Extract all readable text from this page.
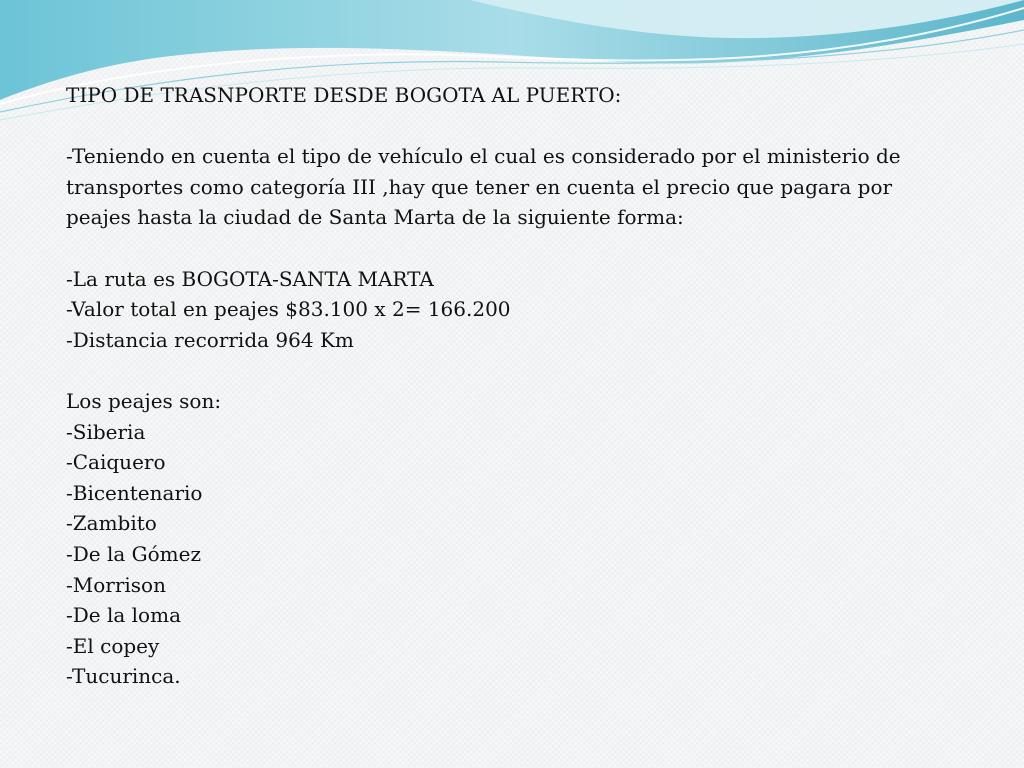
TIPO DE TRASNPORTE DESDE BOGOTA AL PUERTO:

-Teniendo en cuenta el tipo de vehículo el cual es considerado por el ministerio de

transportes como categoría III ,hay que tener en cuenta el precio que pagara por

peajes hasta la ciudad de Santa Marta de la siguiente forma:

-La ruta es BOGOTA-SANTA MARTA

-Valor total en peajes $83.100 x 2= 166.200

-Distancia recorrida 964 Km

Los peajes son:

-Siberia

-Caiquero

-Bicentenario

-Zambito

-De la Gómez

-Morrison

-De la loma

-El copey

-Tucurinca.
